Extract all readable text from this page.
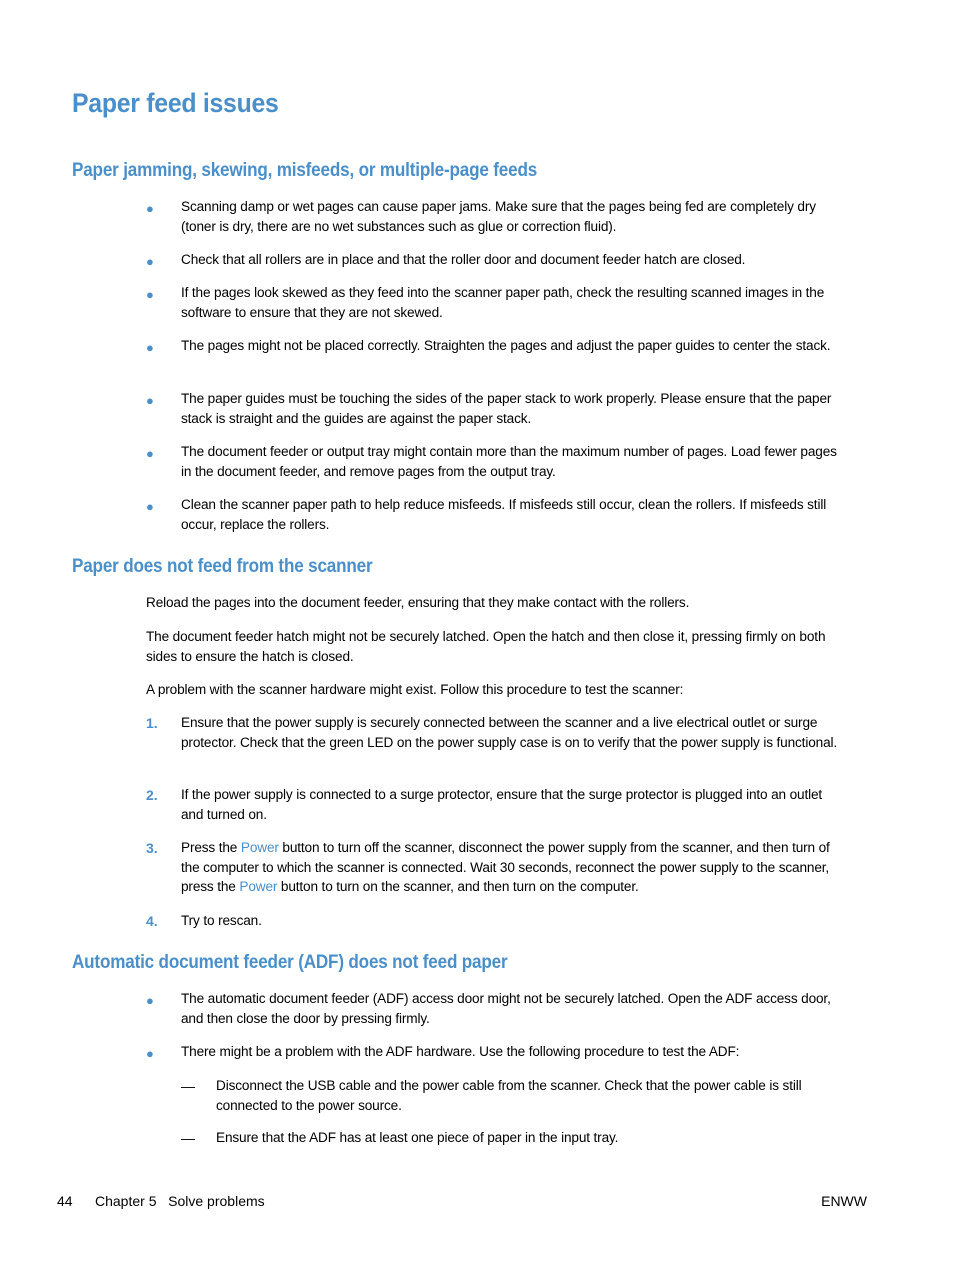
Paper feed issues
Paper jamming, skewing, misfeeds, or multiple-page feeds
● Scanning damp or wet pages can cause paper jams. Make sure that the pages being fed are completely dry (toner is dry, there are no wet substances such as glue or correction fluid).
● Check that all rollers are in place and that the roller door and document feeder hatch are closed.
● If the pages look skewed as they feed into the scanner paper path, check the resulting scanned images in the software to ensure that they are not skewed.
● The pages might not be placed correctly. Straighten the pages and adjust the paper guides to center the stack.
● The paper guides must be touching the sides of the paper stack to work properly. Please ensure that the paper stack is straight and the guides are against the paper stack.
● The document feeder or output tray might contain more than the maximum number of pages. Load fewer pages in the document feeder, and remove pages from the output tray.
● Clean the scanner paper path to help reduce misfeeds. If misfeeds still occur, clean the rollers. If misfeeds still occur, replace the rollers.
Paper does not feed from the scanner
Reload the pages into the document feeder, ensuring that they make contact with the rollers.
The document feeder hatch might not be securely latched. Open the hatch and then close it, pressing firmly on both sides to ensure the hatch is closed.
A problem with the scanner hardware might exist. Follow this procedure to test the scanner:
1. Ensure that the power supply is securely connected between the scanner and a live electrical outlet or surge protector. Check that the green LED on the power supply case is on to verify that the power supply is functional.
2. If the power supply is connected to a surge protector, ensure that the surge protector is plugged into an outlet and turned on.
3. Press the Power button to turn off the scanner, disconnect the power supply from the scanner, and then turn of the computer to which the scanner is connected. Wait 30 seconds, reconnect the power supply to the scanner, press the Power button to turn on the scanner, and then turn on the computer.
4. Try to rescan.
Automatic document feeder (ADF) does not feed paper
● The automatic document feeder (ADF) access door might not be securely latched. Open the ADF access door, and then close the door by pressing firmly.
● There might be a problem with the ADF hardware. Use the following procedure to test the ADF:
— Disconnect the USB cable and the power cable from the scanner. Check that the power cable is still connected to the power source.
— Ensure that the ADF has at least one piece of paper in the input tray.
44 Chapter 5   Solve problems	ENWW
